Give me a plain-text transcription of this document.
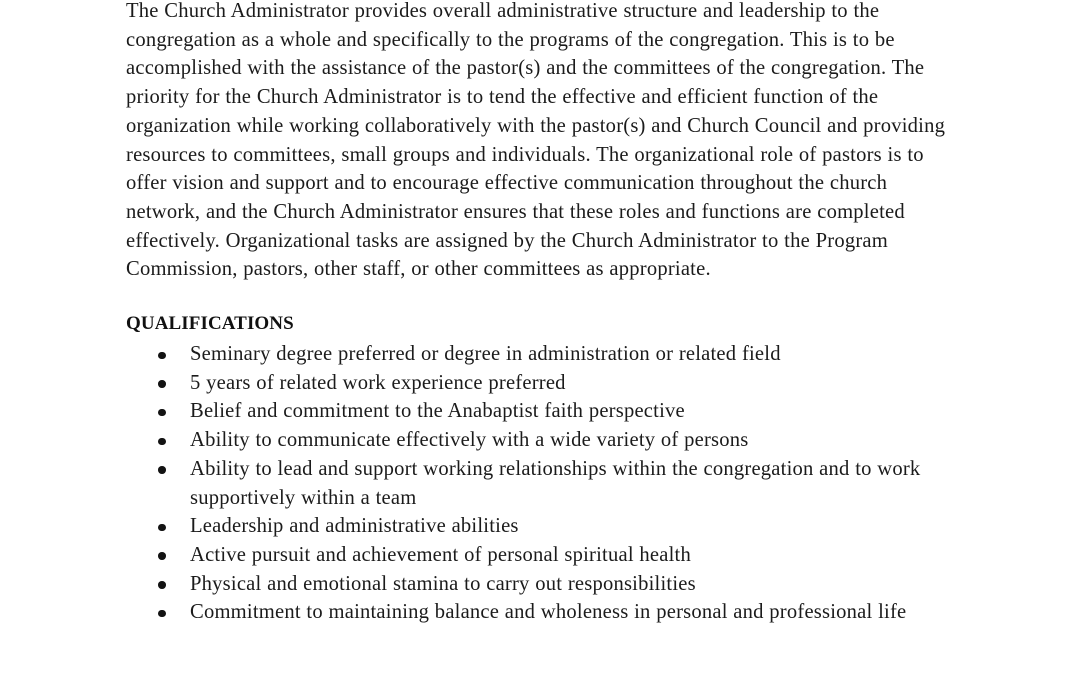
The Church Administrator provides overall administrative structure and leadership to the congregation as a whole and specifically to the programs of the congregation. This is to be accomplished with the assistance of the pastor(s) and the committees of the congregation. The priority for the Church Administrator is to tend the effective and efficient function of the organization while working collaboratively with the pastor(s) and Church Council and providing resources to committees, small groups and individuals. The organizational role of pastors is to offer vision and support and to encourage effective communication throughout the church network, and the Church Administrator ensures that these roles and functions are completed effectively. Organizational tasks are assigned by the Church Administrator to the Program Commission, pastors, other staff, or other committees as appropriate.

QUALIFICATIONS
Seminary degree preferred or degree in administration or related field
5 years of related work experience preferred
Belief and commitment to the Anabaptist faith perspective
Ability to communicate effectively with a wide variety of persons
Ability to lead and support working relationships within the congregation and to work supportively within a team
Leadership and administrative abilities
Active pursuit and achievement of personal spiritual health
Physical and emotional stamina to carry out responsibilities
Commitment to maintaining balance and wholeness in personal and professional life
